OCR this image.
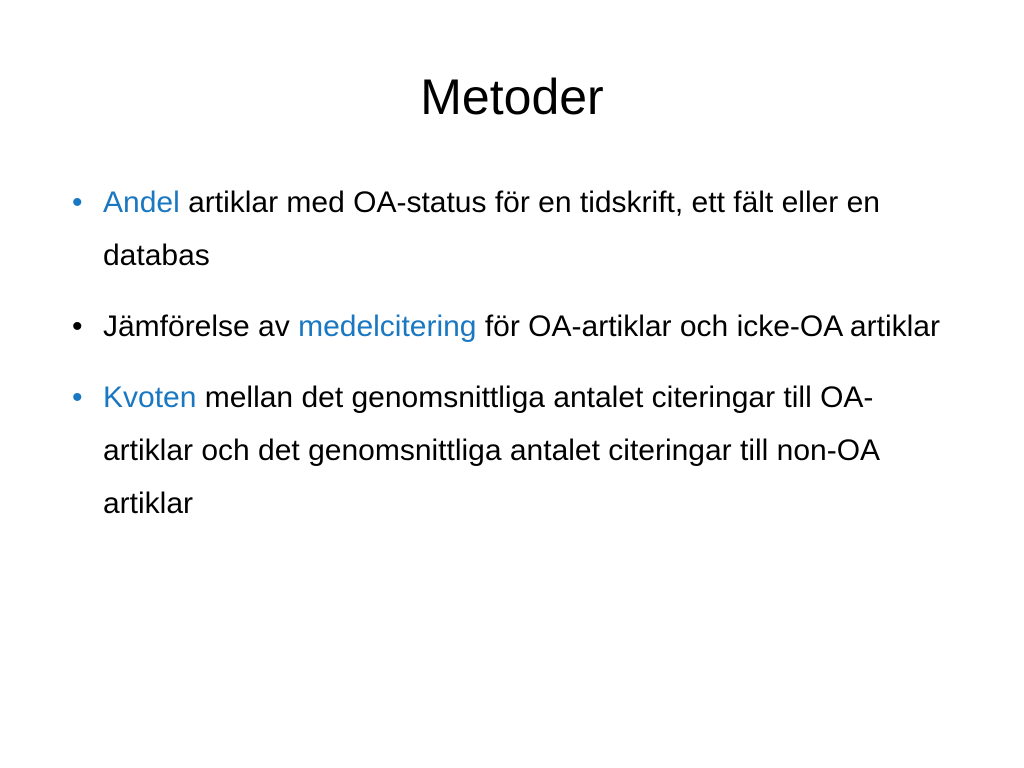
Metoder
• Andel artiklar med OA-status för en tidskrift, ett fält eller en databas
• Jämförelse av medelcitering för OA-artiklar och icke-OA artiklar
• Kvoten mellan det genomsnittliga antalet citeringar till OA-artiklar och det genomsnittliga antalet citeringar till non-OA artiklar
